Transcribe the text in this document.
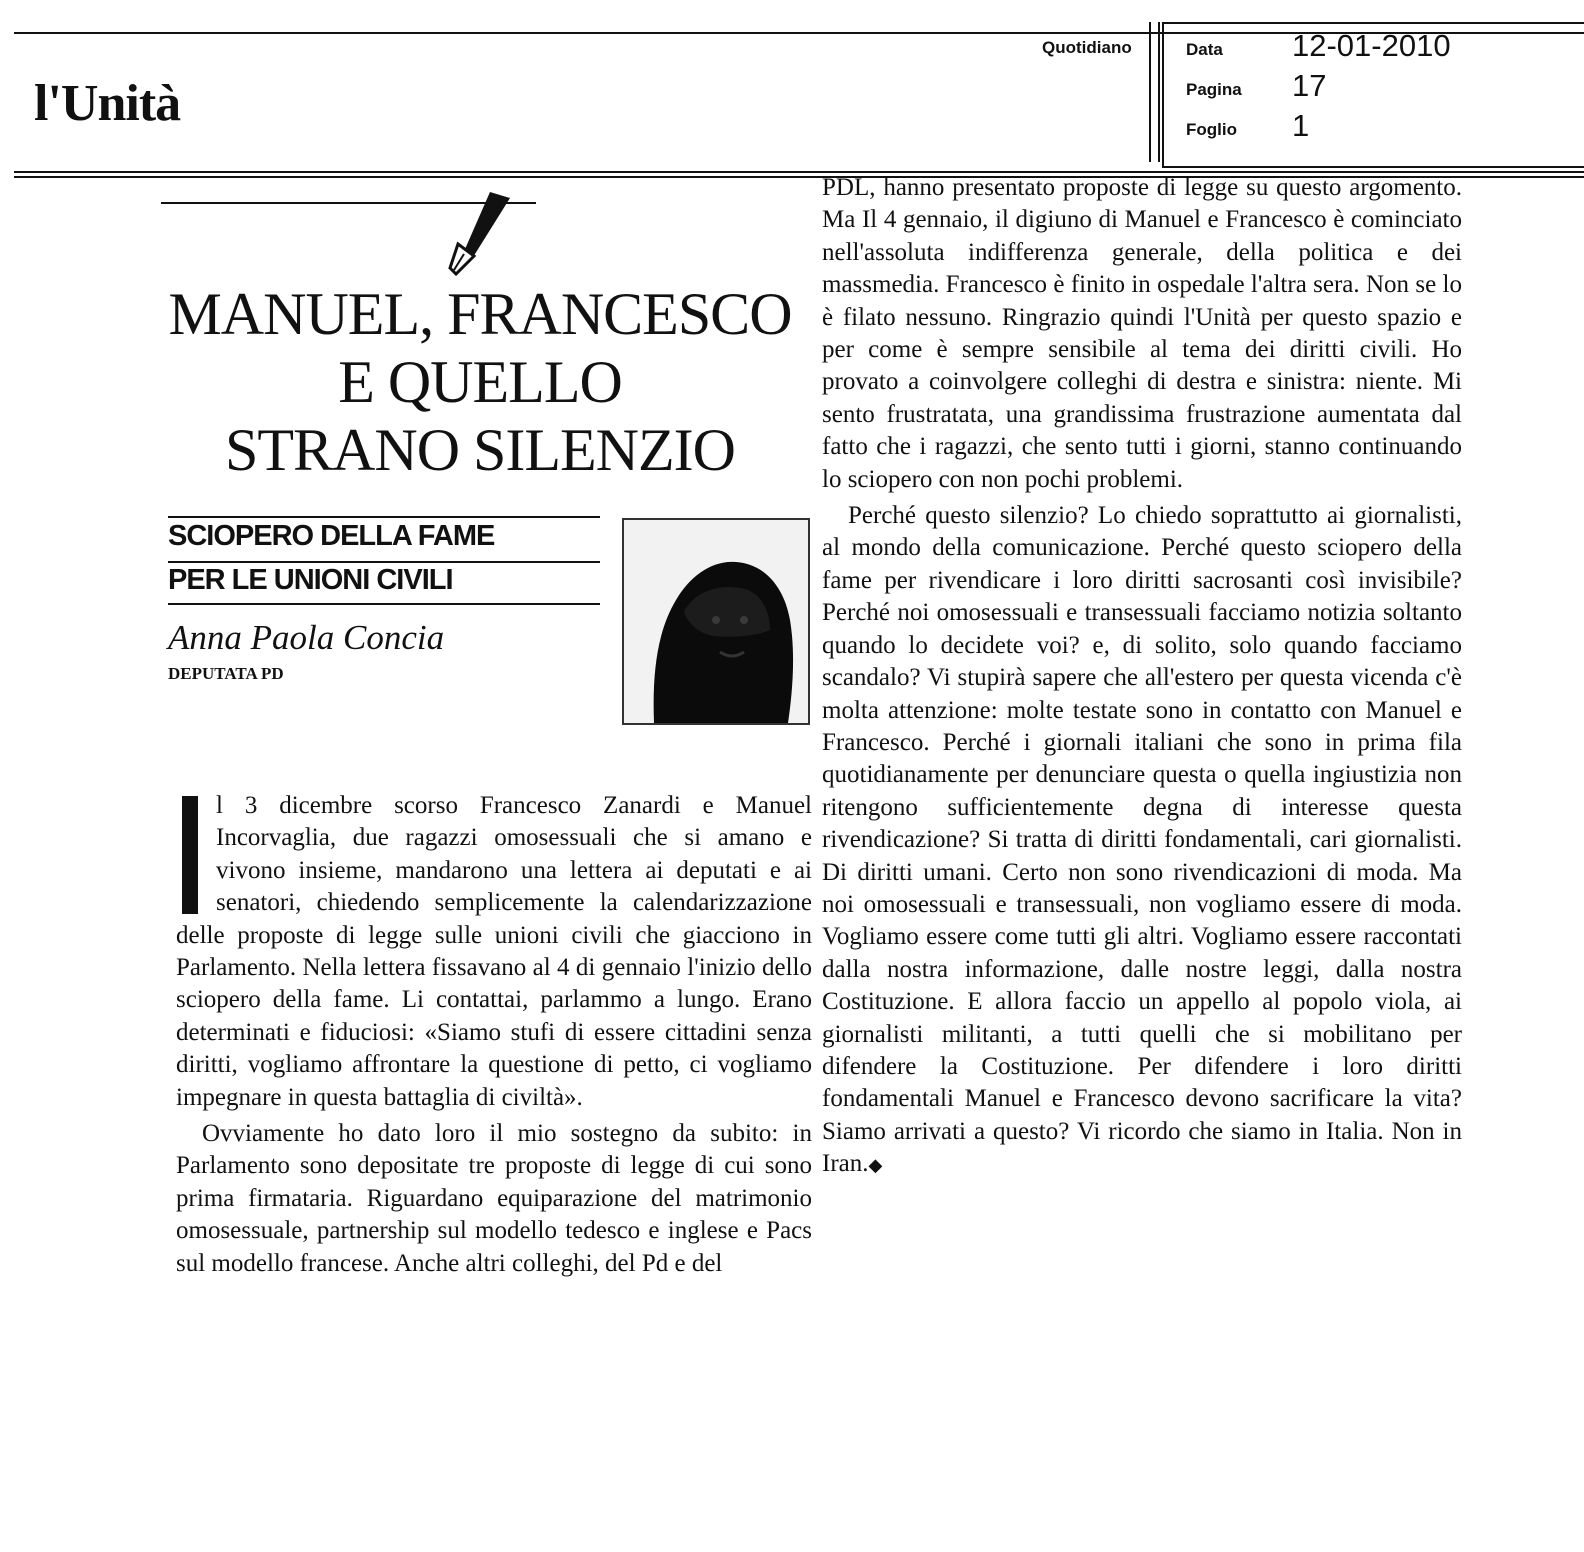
l'Unità
Quotidiano	Data 12-01-2010
Pagina 17
Foglio 1
MANUEL, FRANCESCO
E QUELLO
STRANO SILENZIO
SCIOPERO DELLA FAME
PER LE UNIONI CIVILI
Anna Paola Concia
DEPUTATA PD

l 3 dicembre scorso Francesco Zanardi e Manuel Incorvaglia, due ragazzi omosessuali che si amano e vivono insieme, mandarono una lettera ai deputati e ai senatori, chiedendo semplicemente la calendarizzazione delle proposte di legge sulle unioni civili che giacciono in Parlamento. Nella lettera fissavano al 4 di gennaio l'inizio dello sciopero della fame. Li contattai, parlammo a lungo. Erano determinati e fiduciosi: «Siamo stufi di essere cittadini senza diritti, vogliamo affrontare la questione di petto, ci vogliamo impegnare in questa battaglia di civiltà».

Ovviamente ho dato loro il mio sostegno da subito: in Parlamento sono depositate tre proposte di legge di cui sono prima firmataria. Riguardano equiparazione del matrimonio omosessuale, partnership sul modello tedesco e inglese e Pacs sul modello francese. Anche altri colleghi, del Pd e del

PDL, hanno presentato proposte di legge su questo argomento. Ma Il 4 gennaio, il digiuno di Manuel e Francesco è cominciato nell'assoluta indifferenza generale, della politica e dei massmedia. Francesco è finito in ospedale l'altra sera. Non se lo è filato nessuno. Ringrazio quindi l'Unità per questo spazio e per come è sempre sensibile al tema dei diritti civili. Ho provato a coinvolgere colleghi di destra e sinistra: niente. Mi sento frustratata, una grandissima frustrazione aumentata dal fatto che i ragazzi, che sento tutti i giorni, stanno continuando lo sciopero con non pochi problemi.

Perché questo silenzio? Lo chiedo soprattutto ai giornalisti, al mondo della comunicazione. Perché questo sciopero della fame per rivendicare i loro diritti sacrosanti così invisibile? Perché noi omosessuali e transessuali facciamo notizia soltanto quando lo decidete voi? e, di solito, solo quando facciamo scandalo? Vi stupirà sapere che all'estero per questa vicenda c'è molta attenzione: molte testate sono in contatto con Manuel e Francesco. Perché i giornali italiani che sono in prima fila quotidianamente per denunciare questa o quella ingiustizia non ritengono sufficientemente degna di interesse questa rivendicazione? Si tratta di diritti fondamentali, cari giornalisti. Di diritti umani. Certo non sono rivendicazioni di moda. Ma noi omosessuali e transessuali, non vogliamo essere di moda. Vogliamo essere come tutti gli altri. Vogliamo essere raccontati dalla nostra informazione, dalle nostre leggi, dalla nostra Costituzione. E allora faccio un appello al popolo viola, ai giornalisti militanti, a tutti quelli che si mobilitano per difendere la Costituzione. Per difendere i loro diritti fondamentali Manuel e Francesco devono sacrificare la vita? Siamo arrivati a questo? Vi ricordo che siamo in Italia. Non in Iran.◆
